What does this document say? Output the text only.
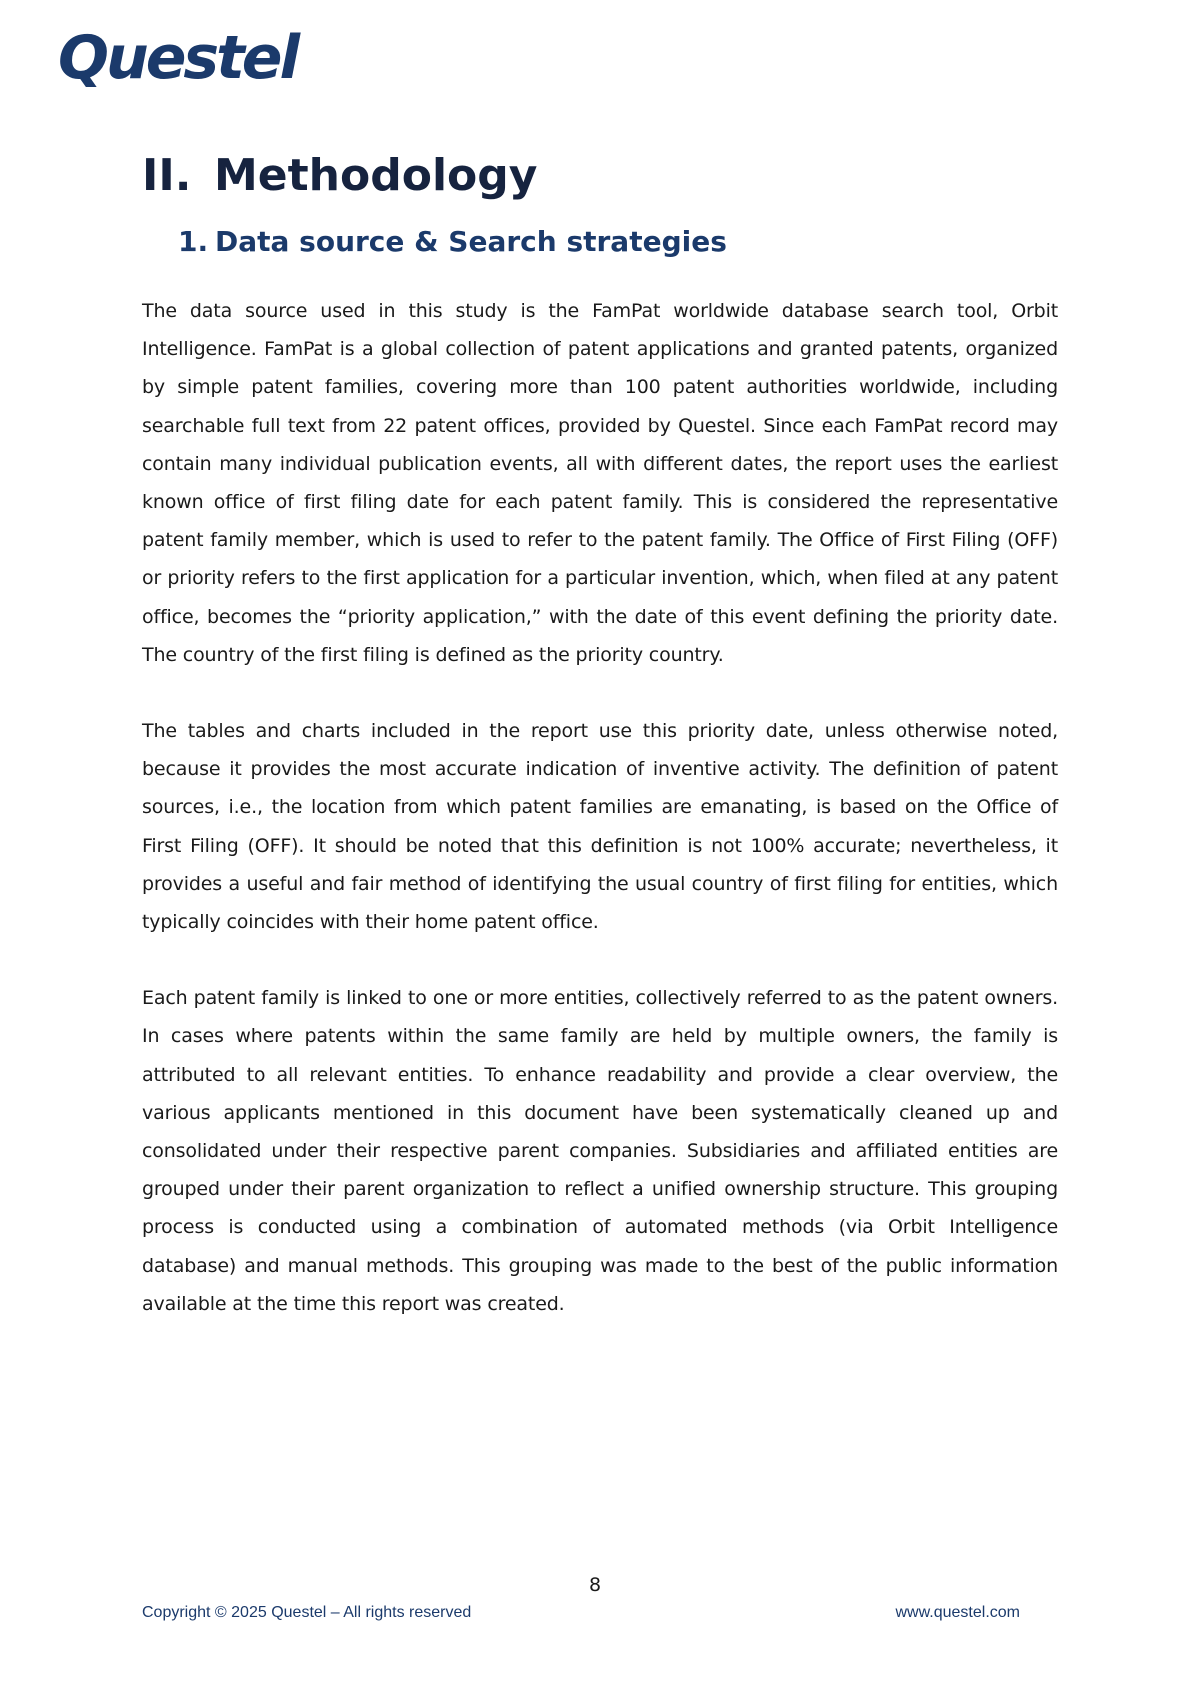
Questel
II. Methodology
1. Data source & Search strategies

The data source used in this study is the FamPat worldwide database search tool, Orbit Intelligence. FamPat is a global collection of patent applications and granted patents, organized by simple patent families, covering more than 100 patent authorities worldwide, including searchable full text from 22 patent offices, provided by Questel. Since each FamPat record may contain many individual publication events, all with different dates, the report uses the earliest known office of first filing date for each patent family. This is considered the representative patent family member, which is used to refer to the patent family. The Office of First Filing (OFF) or priority refers to the first application for a particular invention, which, when filed at any patent office, becomes the “priority application,” with the date of this event defining the priority date. The country of the first filing is defined as the priority country.

The tables and charts included in the report use this priority date, unless otherwise noted, because it provides the most accurate indication of inventive activity. The definition of patent sources, i.e., the location from which patent families are emanating, is based on the Office of First Filing (OFF). It should be noted that this definition is not 100% accurate; nevertheless, it provides a useful and fair method of identifying the usual country of first filing for entities, which typically coincides with their home patent office.

Each patent family is linked to one or more entities, collectively referred to as the patent owners. In cases where patents within the same family are held by multiple owners, the family is attributed to all relevant entities. To enhance readability and provide a clear overview, the various applicants mentioned in this document have been systematically cleaned up and consolidated under their respective parent companies. Subsidiaries and affiliated entities are grouped under their parent organization to reflect a unified ownership structure. This grouping process is conducted using a combination of automated methods (via Orbit Intelligence database) and manual methods. This grouping was made to the best of the public information available at the time this report was created.

8
Copyright © 2025 Questel – All rights reserved	www.questel.com
